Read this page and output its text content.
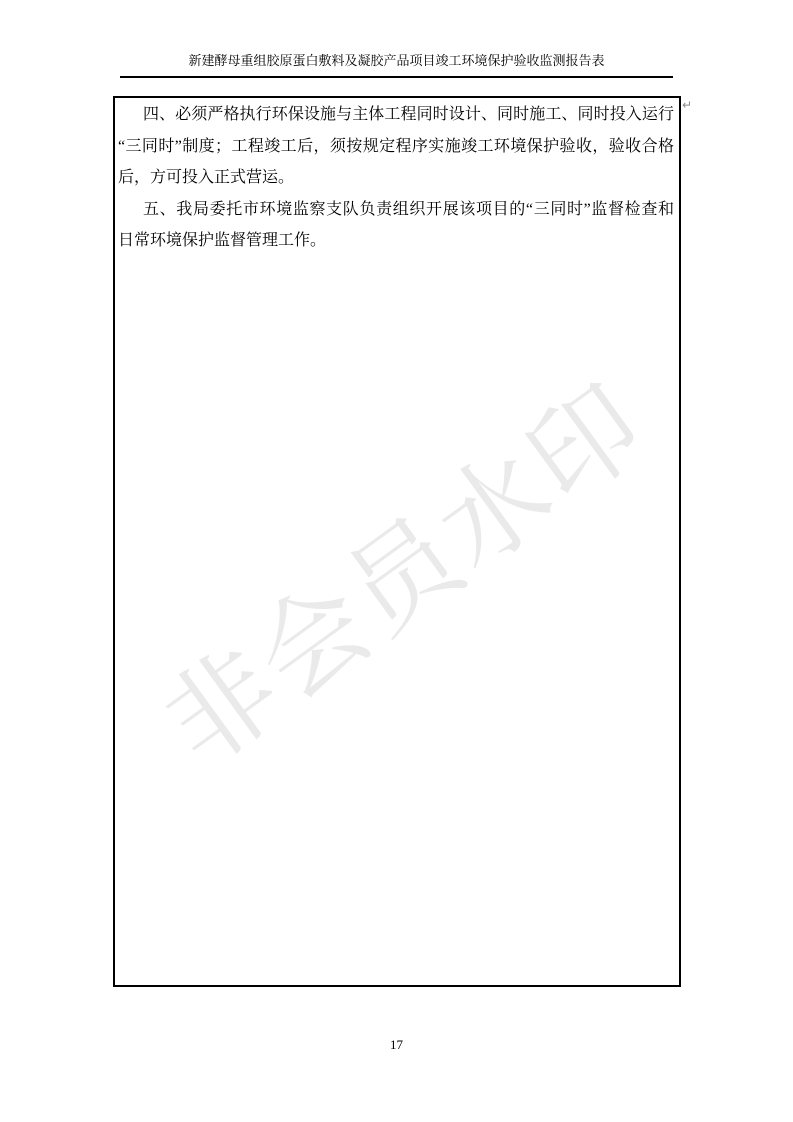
非会员水印
新建酵母重组胶原蛋白敷料及凝胶产品项目竣工环境保护验收监测报告表
↵
四、必须严格执行环保设施与主体工程同时设计、同时施工、同时投入运行
“三同时”制度；工程竣工后，须按规定程序实施竣工环境保护验收，验收合格
后，方可投入正式营运。
五、我局委托市环境监察支队负责组织开展该项目的“三同时”监督检查和
日常环境保护监督管理工作。
17
